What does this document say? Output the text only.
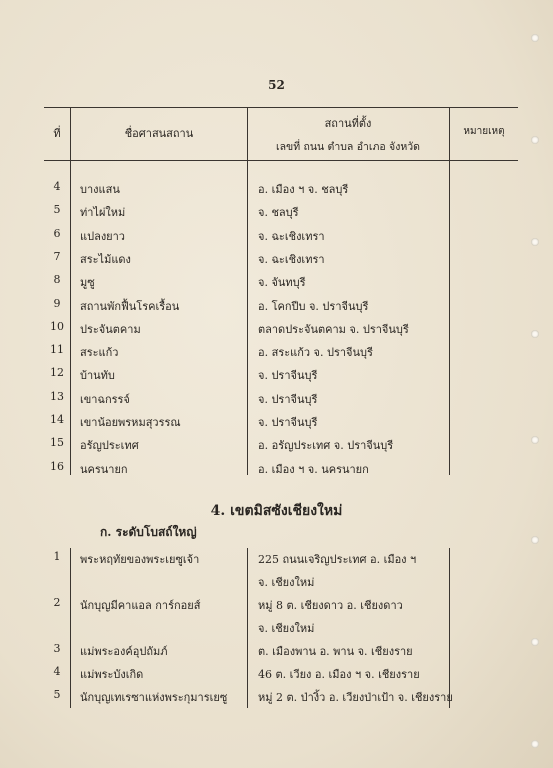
52
ที่	ชื่อศาสนสถาน
สถานที่ตั้ง
เลขที่ ถนน ตำบล อำเภอ จังหวัด
หมายเหตุ
4	บางแสน	อ. เมือง ฯ จ. ชลบุรี
5	ท่าไผ่ใหม่	จ. ชลบุรี
6	แปลงยาว	จ. ฉะเชิงเทรา
7	สระไม้แดง	จ. ฉะเชิงเทรา
8	มูซู	จ. จันทบุรี
9	สถานพักฟื้นโรคเรื้อน	อ. โคกปีบ จ. ปราจีนบุรี
10	ประจันตคาม	ตลาดประจันตคาม จ. ปราจีนบุรี
11	สระแก้ว	อ. สระแก้ว จ. ปราจีนบุรี
12	บ้านทับ	จ. ปราจีนบุรี
13	เขาฉกรรจ์	จ. ปราจีนบุรี
14	เขาน้อยพรหมสุวรรณ	จ. ปราจีนบุรี
15	อรัญประเทศ	อ. อรัญประเทศ จ. ปราจีนบุรี
16	นครนายก	อ. เมือง ฯ จ. นครนายก
4. เขตมิสซังเชียงใหม่
ก. ระดับโบสถ์ใหญ่
1	พระหฤทัยของพระเยซูเจ้า	225 ถนนเจริญประเทศ อ. เมือง ฯ
จ. เชียงใหม่
2	นักบุญมีคาแอล การ์กอยส์	หมู่ 8 ต. เชียงดาว อ. เชียงดาว
จ. เชียงใหม่
3	แม่พระองค์อุปถัมภ์	ต. เมืองพาน อ. พาน จ. เชียงราย
4	แม่พระบังเกิด	46 ต. เวียง อ. เมือง ฯ จ. เชียงราย
5	นักบุญเทเรซาแห่งพระกุมารเยซู	หมู่ 2 ต. ป่างิ้ว อ. เวียงป่าเป้า จ. เชียงราย
